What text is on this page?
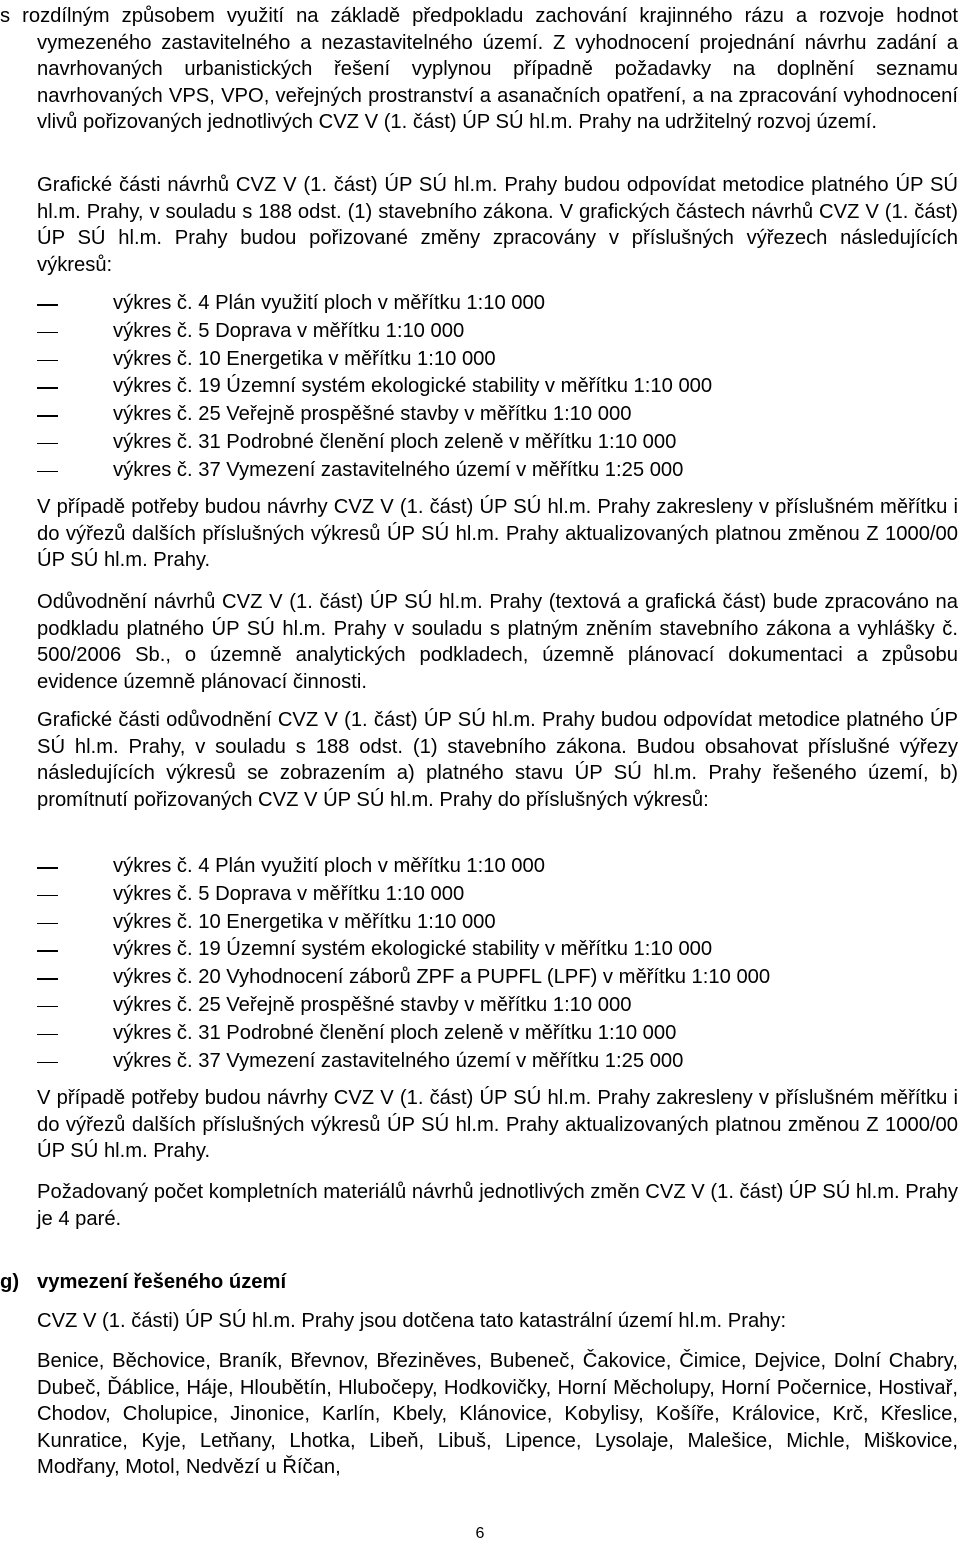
s rozdílným způsobem využití na základě předpokladu zachování krajinného rázu a rozvoje hodnot vymezeného zastavitelného a nezastavitelného území. Z vyhodnocení projednání návrhu zadání a navrhovaných urbanistických řešení vyplynou případně požadavky na doplnění seznamu navrhovaných VPS, VPO, veřejných prostranství a asanačních opatření, a na zpracování vyhodnocení vlivů pořizovaných jednotlivých CVZ V (1. část) ÚP SÚ hl.m. Prahy na udržitelný rozvoj území.

Grafické části návrhů CVZ V (1. část) ÚP SÚ hl.m. Prahy budou odpovídat metodice platného ÚP SÚ hl.m. Prahy, v souladu s 188 odst. (1) stavebního zákona. V grafických částech návrhů CVZ V (1. část) ÚP SÚ hl.m. Prahy budou pořizované změny zpracovány v příslušných výřezech následujících výkresů:

výkres č. 4 Plán využití ploch v měřítku 1:10 000
výkres č. 5 Doprava v měřítku 1:10 000
výkres č. 10 Energetika v měřítku 1:10 000
výkres č. 19 Územní systém ekologické stability v měřítku 1:10 000
výkres č. 25 Veřejně prospěšné stavby v měřítku 1:10 000
výkres č. 31 Podrobné členění ploch zeleně v měřítku 1:10 000
výkres č. 37 Vymezení zastavitelného území v měřítku 1:25 000

V případě potřeby budou návrhy CVZ V (1. část) ÚP SÚ hl.m. Prahy zakresleny v příslušném měřítku i do výřezů dalších příslušných výkresů ÚP SÚ hl.m. Prahy aktualizovaných platnou změnou Z 1000/00 ÚP SÚ hl.m. Prahy.

Odůvodnění návrhů CVZ V (1. část) ÚP SÚ hl.m. Prahy (textová a grafická část) bude zpracováno na podkladu platného ÚP SÚ hl.m. Prahy v souladu s platným zněním stavebního zákona a vyhlášky č. 500/2006 Sb., o územně analytických podkladech, územně plánovací dokumentaci a způsobu evidence územně plánovací činnosti.

Grafické části odůvodnění CVZ V (1. část) ÚP SÚ hl.m. Prahy budou odpovídat metodice platného ÚP SÚ hl.m. Prahy, v souladu s 188 odst. (1) stavebního zákona. Budou obsahovat příslušné výřezy následujících výkresů se zobrazením a) platného stavu ÚP SÚ hl.m. Prahy řešeného území, b) promítnutí pořizovaných CVZ V ÚP SÚ hl.m. Prahy do příslušných výkresů:

výkres č. 4 Plán využití ploch v měřítku 1:10 000
výkres č. 5 Doprava v měřítku 1:10 000
výkres č. 10 Energetika v měřítku 1:10 000
výkres č. 19 Územní systém ekologické stability v měřítku 1:10 000
výkres č. 20 Vyhodnocení záborů ZPF a PUPFL (LPF) v měřítku 1:10 000
výkres č. 25 Veřejně prospěšné stavby v měřítku 1:10 000
výkres č. 31 Podrobné členění ploch zeleně v měřítku 1:10 000
výkres č. 37 Vymezení zastavitelného území v měřítku 1:25 000

V případě potřeby budou návrhy CVZ V (1. část) ÚP SÚ hl.m. Prahy zakresleny v příslušném měřítku i do výřezů dalších příslušných výkresů ÚP SÚ hl.m. Prahy aktualizovaných platnou změnou Z 1000/00 ÚP SÚ hl.m. Prahy.

Požadovaný počet kompletních materiálů návrhů jednotlivých změn CVZ V (1. část) ÚP SÚ hl.m. Prahy je 4 paré.

g) vymezení řešeného území

CVZ V (1. části) ÚP SÚ hl.m. Prahy jsou dotčena tato katastrální území hl.m. Prahy:

Benice, Běchovice, Braník, Břevnov, Březiněves, Bubeneč, Čakovice, Čimice, Dejvice, Dolní Chabry, Dubeč, Ďáblice, Háje, Hloubětín, Hlubočepy, Hodkovičky, Horní Měcholupy, Horní Počernice, Hostivař, Chodov, Cholupice, Jinonice, Karlín, Kbely, Klánovice, Kobylisy, Košíře, Královice, Krč, Křeslice, Kunratice, Kyje, Letňany, Lhotka, Libeň, Libuš, Lipence, Lysolaje, Malešice, Michle, Miškovice, Modřany, Motol, Nedvězí u Říčan,

6
